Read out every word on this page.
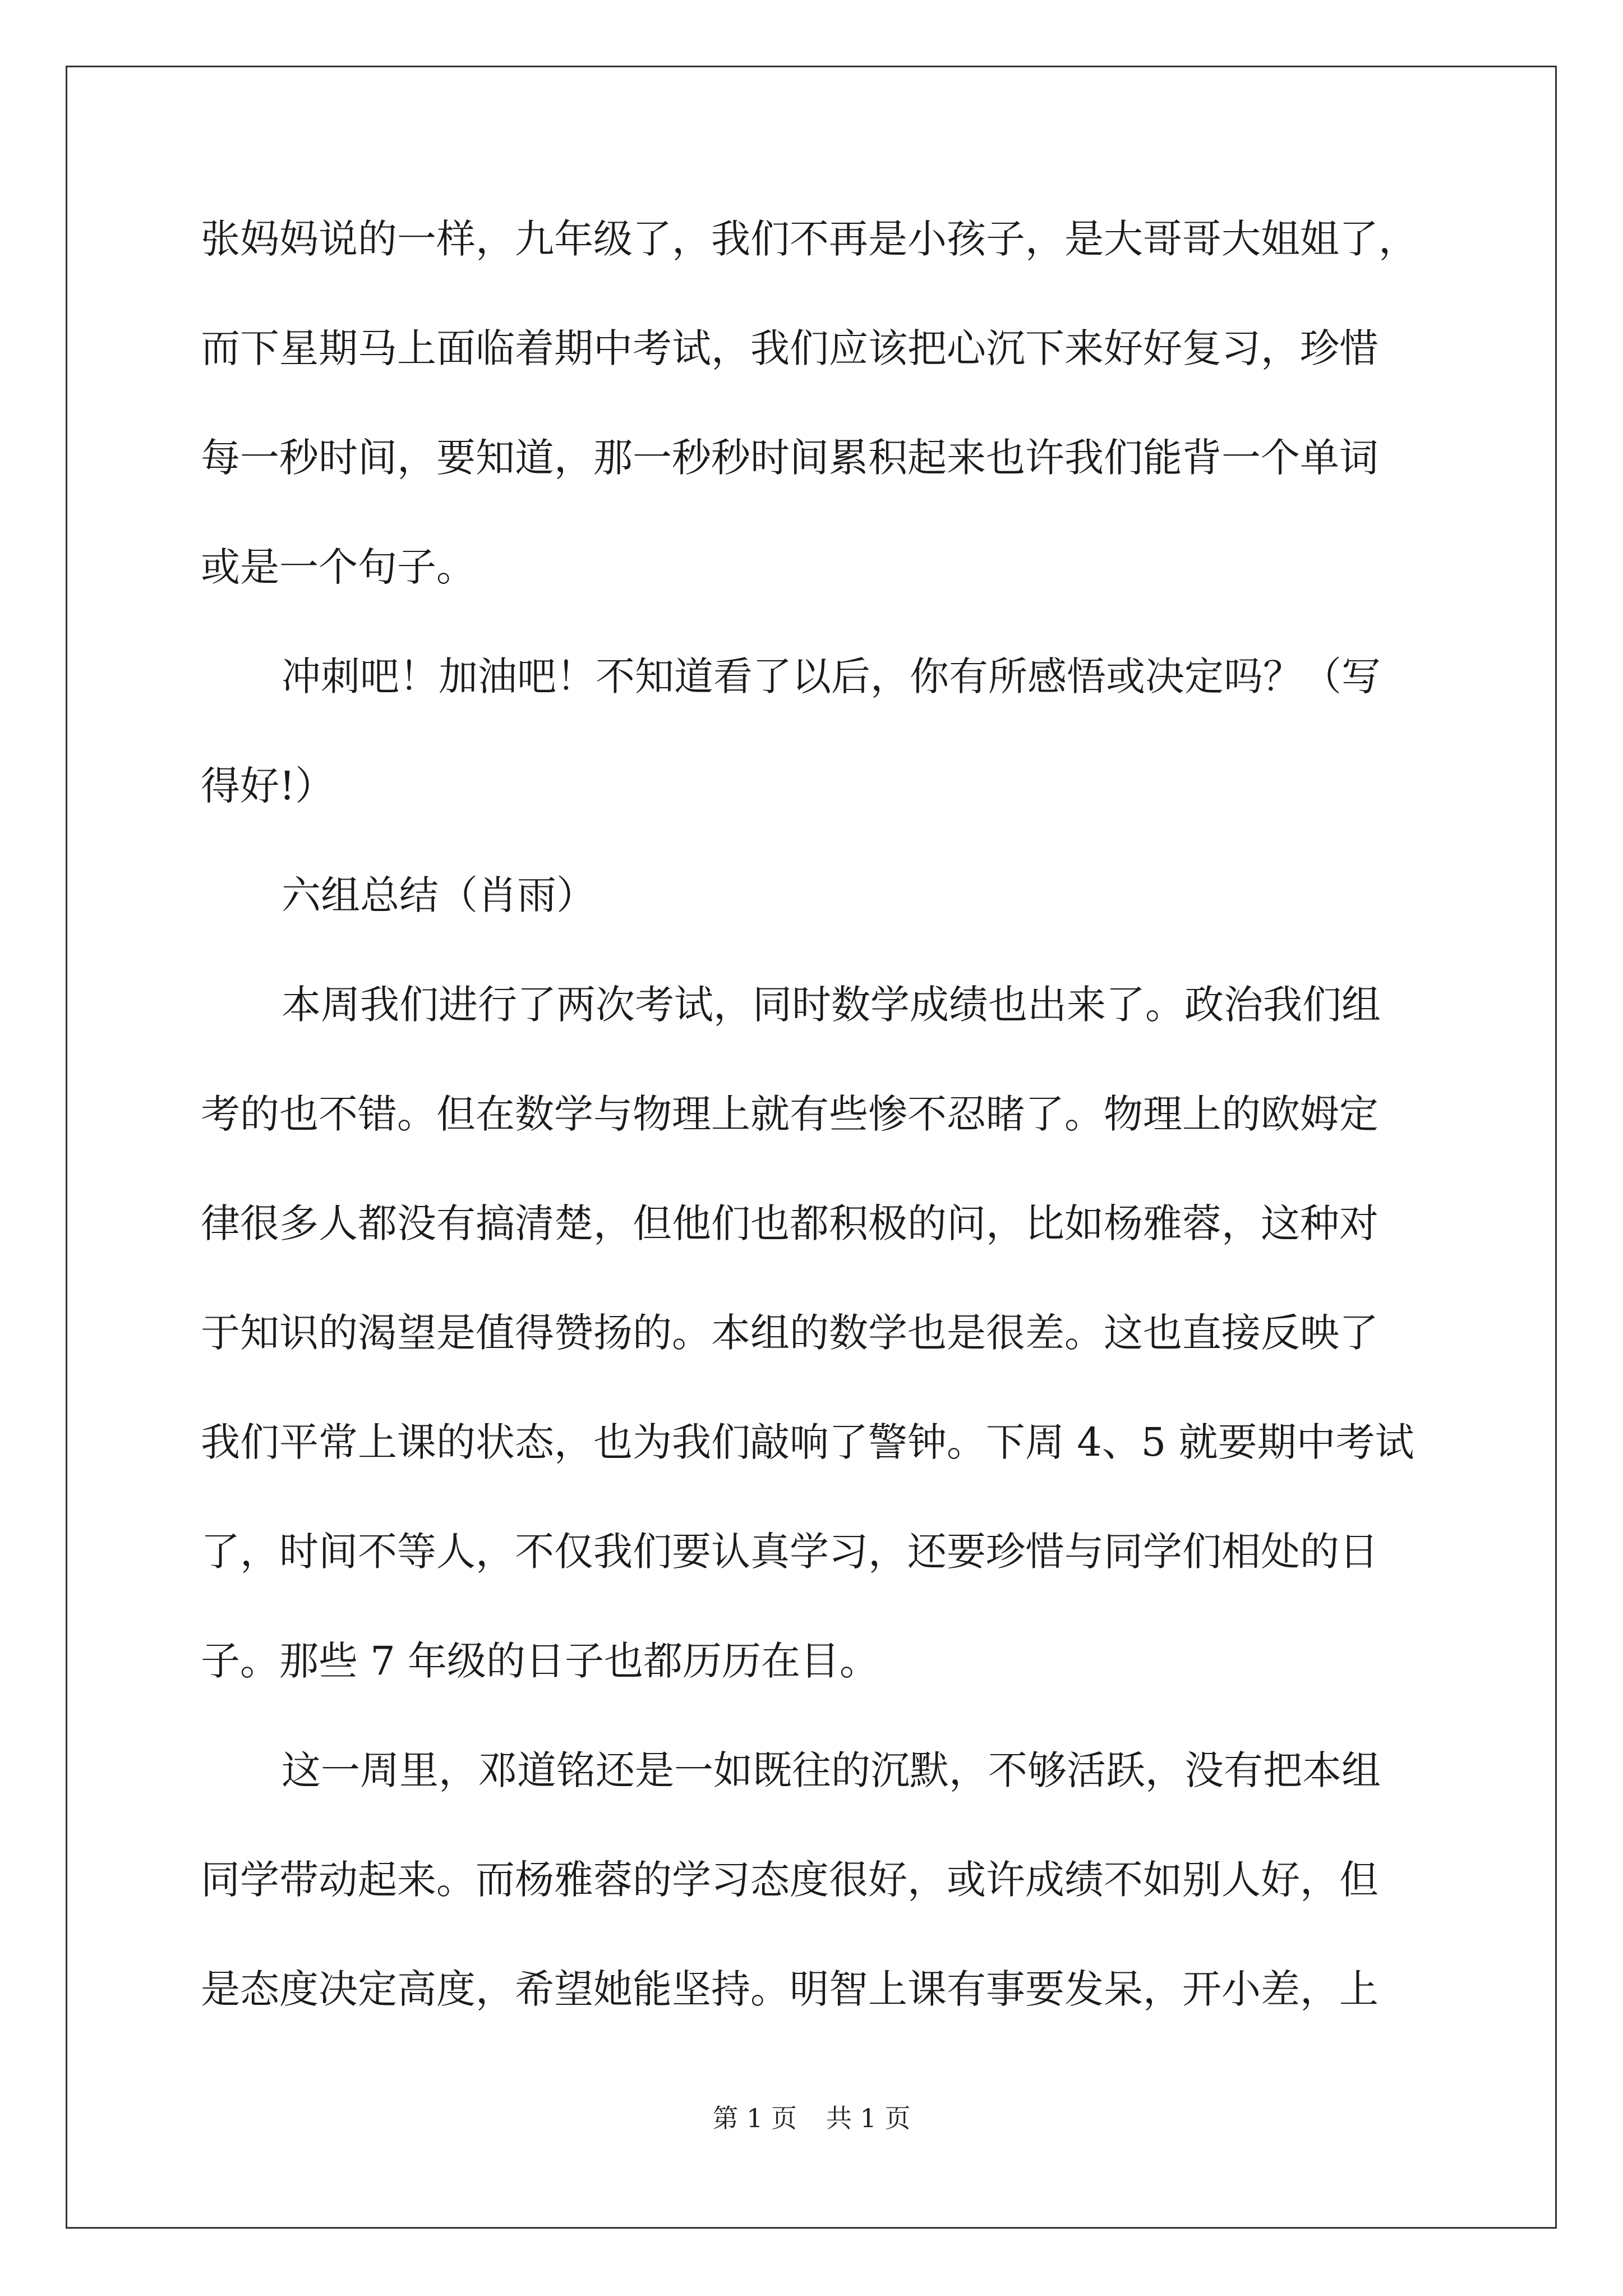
张妈妈说的一样，九年级了，我们不再是小孩子，是大哥哥大姐姐了，
而下星期马上面临着期中考试，我们应该把心沉下来好好复习，珍惜
每一秒时间，要知道，那一秒秒时间累积起来也许我们能背一个单词
或是一个句子。
冲刺吧！加油吧！不知道看了以后，你有所感悟或决定吗？（写
得好!）
六组总结（肖雨）
本周我们进行了两次考试，同时数学成绩也出来了。政治我们组
考的也不错。但在数学与物理上就有些惨不忍睹了。物理上的欧姆定
律很多人都没有搞清楚，但他们也都积极的问，比如杨雅蓉，这种对
于知识的渴望是值得赞扬的。本组的数学也是很差。这也直接反映了
我们平常上课的状态，也为我们敲响了警钟。下周 4、5 就要期中考试
了，时间不等人，不仅我们要认真学习，还要珍惜与同学们相处的日
子。那些 7 年级的日子也都历历在目。
这一周里，邓道铭还是一如既往的沉默，不够活跃，没有把本组
同学带动起来。而杨雅蓉的学习态度很好，或许成绩不如别人好，但
是态度决定高度，希望她能坚持。明智上课有事要发呆，开小差，上
第 1 页 共 1 页
